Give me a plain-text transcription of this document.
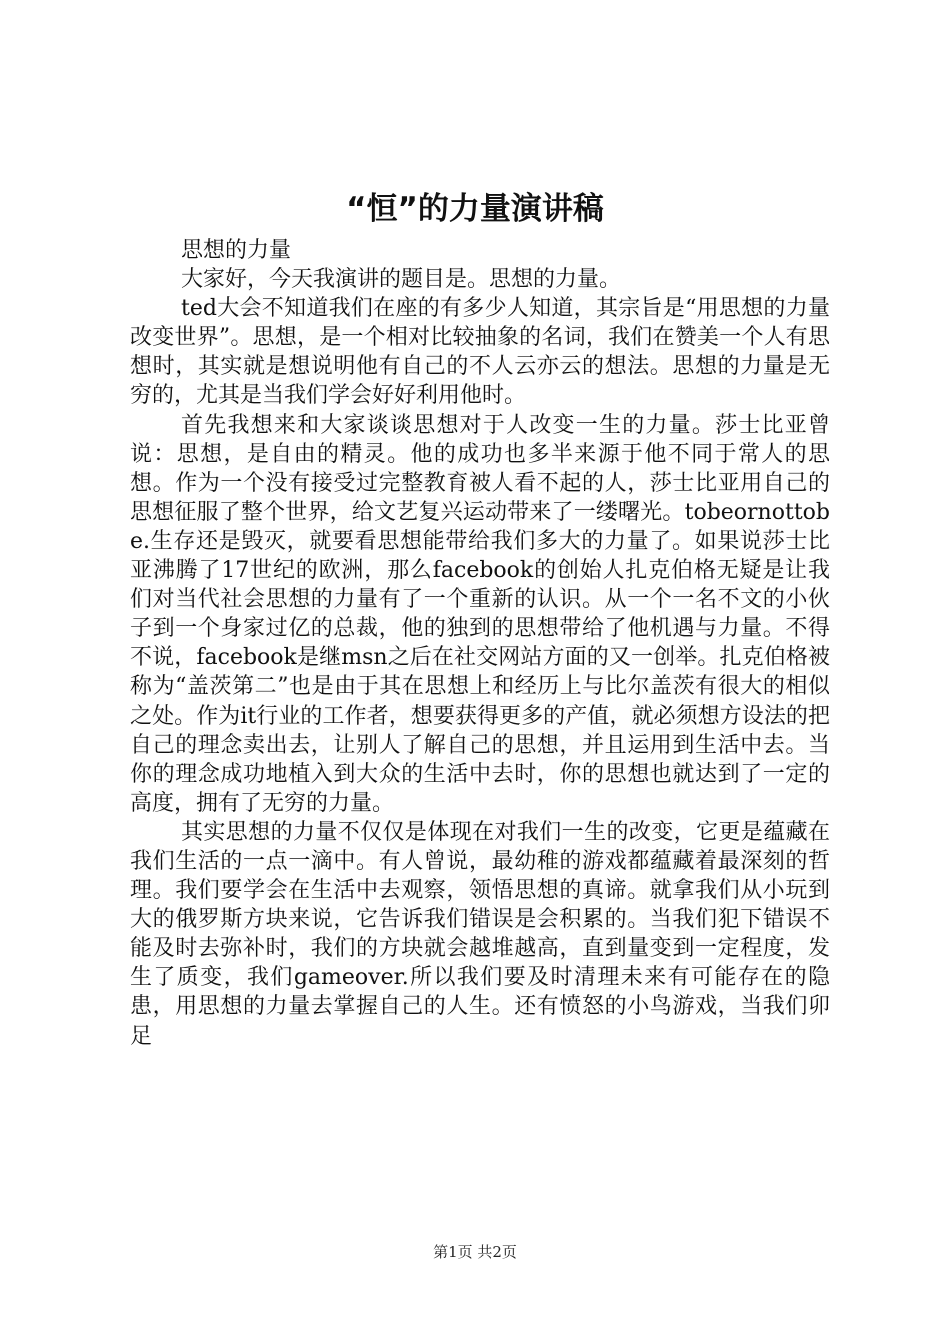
“恒”的力量演讲稿

思想的力量

大家好，今天我演讲的题目是。思想的力量。

ted大会不知道我们在座的有多少人知道，其宗旨是“用思想的力量改变世界”。思想，是一个相对比较抽象的名词，我们在赞美一个人有思想时，其实就是想说明他有自己的不人云亦云的想法。思想的力量是无穷的，尤其是当我们学会好好利用他时。

首先我想来和大家谈谈思想对于人改变一生的力量。莎士比亚曾说：思想，是自由的精灵。他的成功也多半来源于他不同于常人的思想。作为一个没有接受过完整教育被人看不起的人，莎士比亚用自己的思想征服了整个世界，给文艺复兴运动带来了一缕曙光。tobeornottobe.生存还是毁灭，就要看思想能带给我们多大的力量了。如果说莎士比亚沸腾了17世纪的欧洲，那么facebook的创始人扎克伯格无疑是让我们对当代社会思想的力量有了一个重新的认识。从一个一名不文的小伙子到一个身家过亿的总裁，他的独到的思想带给了他机遇与力量。不得不说，facebook是继msn之后在社交网站方面的又一创举。扎克伯格被称为“盖茨第二”也是由于其在思想上和经历上与比尔盖茨有很大的相似之处。作为it行业的工作者，想要获得更多的产值，就必须想方设法的把自己的理念卖出去，让别人了解自己的思想，并且运用到生活中去。当你的理念成功地植入到大众的生活中去时，你的思想也就达到了一定的高度，拥有了无穷的力量。

其实思想的力量不仅仅是体现在对我们一生的改变，它更是蕴藏在我们生活的一点一滴中。有人曾说，最幼稚的游戏都蕴藏着最深刻的哲理。我们要学会在生活中去观察，领悟思想的真谛。就拿我们从小玩到大的俄罗斯方块来说，它告诉我们错误是会积累的。当我们犯下错误不能及时去弥补时，我们的方块就会越堆越高，直到量变到一定程度，发生了质变，我们gameover.所以我们要及时清理未来有可能存在的隐患，用思想的力量去掌握自己的人生。还有愤怒的小鸟游戏，当我们卯足

第1页 共2页
